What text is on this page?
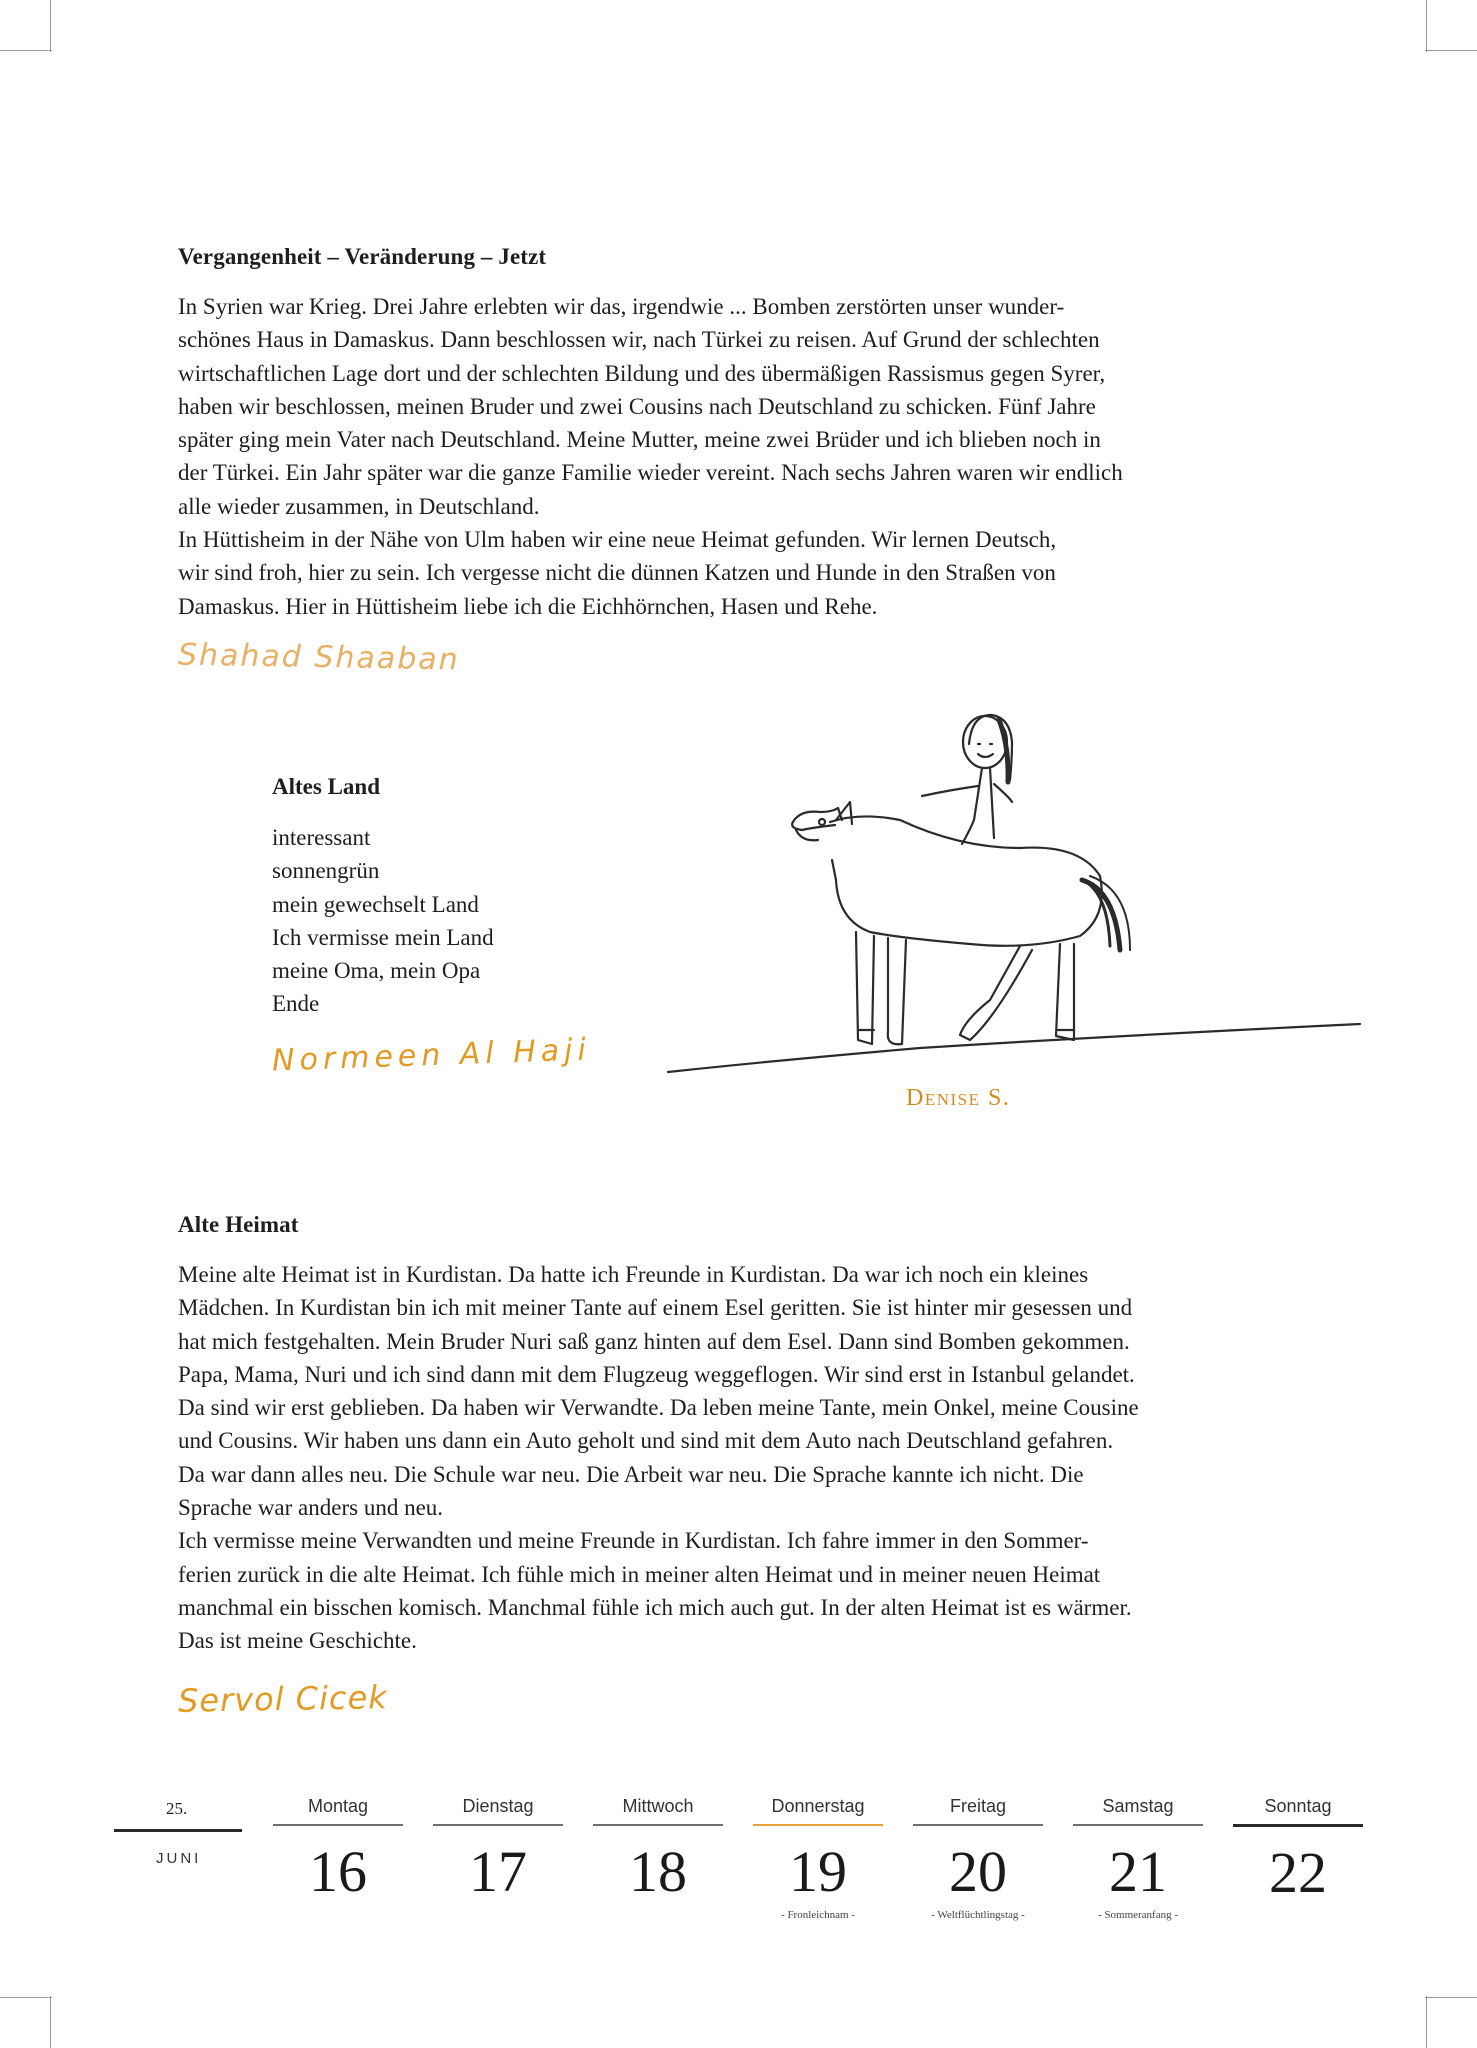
Vergangenheit – Veränderung – Jetzt

In Syrien war Krieg. Drei Jahre erlebten wir das, irgendwie ... Bomben zerstörten unser wunder-

schönes Haus in Damaskus. Dann beschlossen wir, nach Türkei zu reisen. Auf Grund der schlechten

wirtschaftlichen Lage dort und der schlechten Bildung und des übermäßigen Rassismus gegen Syrer,

haben wir beschlossen, meinen Bruder und zwei Cousins nach Deutschland zu schicken. Fünf Jahre

später ging mein Vater nach Deutschland. Meine Mutter, meine zwei Brüder und ich blieben noch in

der Türkei. Ein Jahr später war die ganze Familie wieder vereint. Nach sechs Jahren waren wir endlich

alle wieder zusammen, in Deutschland.

In Hüttisheim in der Nähe von Ulm haben wir eine neue Heimat gefunden. Wir lernen Deutsch,

wir sind froh, hier zu sein. Ich vergesse nicht die dünnen Katzen und Hunde in den Straßen von

Damaskus. Hier in Hüttisheim liebe ich die Eichhörnchen, Hasen und Rehe.

Shahad Shaaban
Altes Land
interessant
sonnengrün
mein gewechselt Land
Ich vermisse mein Land
meine Oma, mein Opa
Ende
Normeen Al Haji
Denise S.
Alte Heimat

Meine alte Heimat ist in Kurdistan. Da hatte ich Freunde in Kurdistan. Da war ich noch ein kleines

Mädchen. In Kurdistan bin ich mit meiner Tante auf einem Esel geritten. Sie ist hinter mir gesessen und

hat mich festgehalten. Mein Bruder Nuri saß ganz hinten auf dem Esel. Dann sind Bomben gekommen.

Papa, Mama, Nuri und ich sind dann mit dem Flugzeug weggeflogen. Wir sind erst in Istanbul gelandet.

Da sind wir erst geblieben. Da haben wir Verwandte. Da leben meine Tante, mein Onkel, meine Cousine

und Cousins. Wir haben uns dann ein Auto geholt und sind mit dem Auto nach Deutschland gefahren.

Da war dann alles neu. Die Schule war neu. Die Arbeit war neu. Die Sprache kannte ich nicht. Die

Sprache war anders und neu.

Ich vermisse meine Verwandten und meine Freunde in Kurdistan. Ich fahre immer in den Sommer-

ferien zurück in die alte Heimat. Ich fühle mich in meiner alten Heimat und in meiner neuen Heimat

manchmal ein bisschen komisch. Manchmal fühle ich mich auch gut. In der alten Heimat ist es wärmer.

Das ist meine Geschichte.

Servol Cicek
25.
JUNI
Montag
16
Dienstag
17
Mittwoch
18
Donnerstag
19
- Fronleichnam -
Freitag
20
- Weltflüchtlingstag -
Samstag
21
- Sommeranfang -
Sonntag
22
